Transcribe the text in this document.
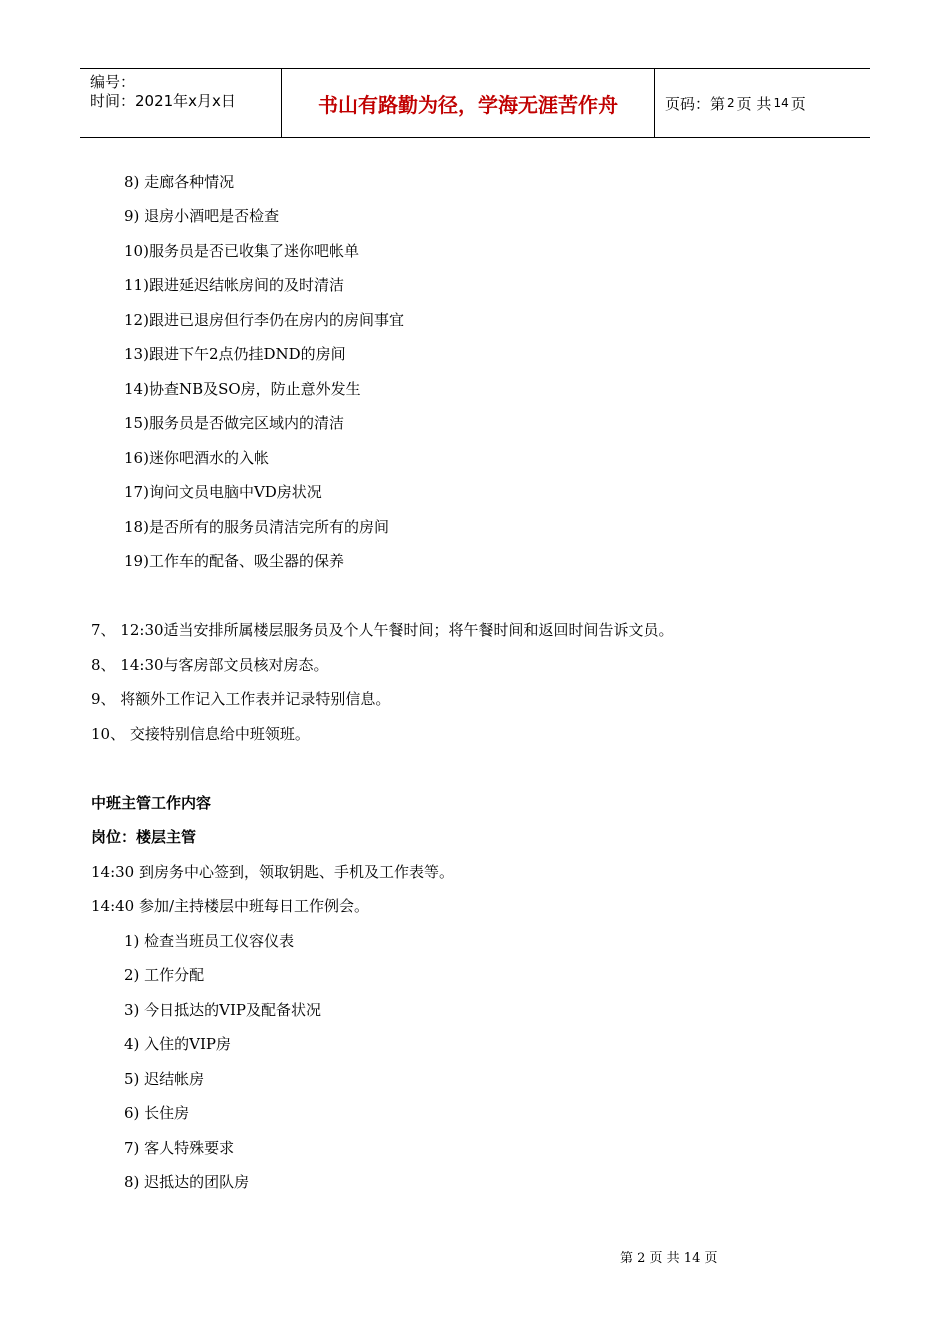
编号：
时间：2021年x月x日	书山有路勤为径，学海无涯苦作舟	页码：第 2 页 共 14 页
8) 走廊各种情况
9) 退房小酒吧是否检查
10)服务员是否已收集了迷你吧帐单
11)跟进延迟结帐房间的及时清洁
12)跟进已退房但行李仍在房内的房间事宜
13)跟进下午2点仍挂DND的房间
14)协查NB及SO房，防止意外发生
15)服务员是否做完区域内的清洁
16)迷你吧酒水的入帐
17)询问文员电脑中VD房状况
18)是否所有的服务员清洁完所有的房间
19)工作车的配备、吸尘器的保养
7、 12:30适当安排所属楼层服务员及个人午餐时间；将午餐时间和返回时间告诉文员。
8、 14:30与客房部文员核对房态。
9、 将额外工作记入工作表并记录特别信息。
10、 交接特别信息给中班领班。
中班主管工作内容
岗位：楼层主管
14:30 到房务中心签到，领取钥匙、手机及工作表等。
14:40 参加/主持楼层中班每日工作例会。
1) 检查当班员工仪容仪表
2) 工作分配
3) 今日抵达的VIP及配备状况
4) 入住的VIP房
5) 迟结帐房
6) 长住房
7) 客人特殊要求
8) 迟抵达的团队房
第 2 页 共 14 页
